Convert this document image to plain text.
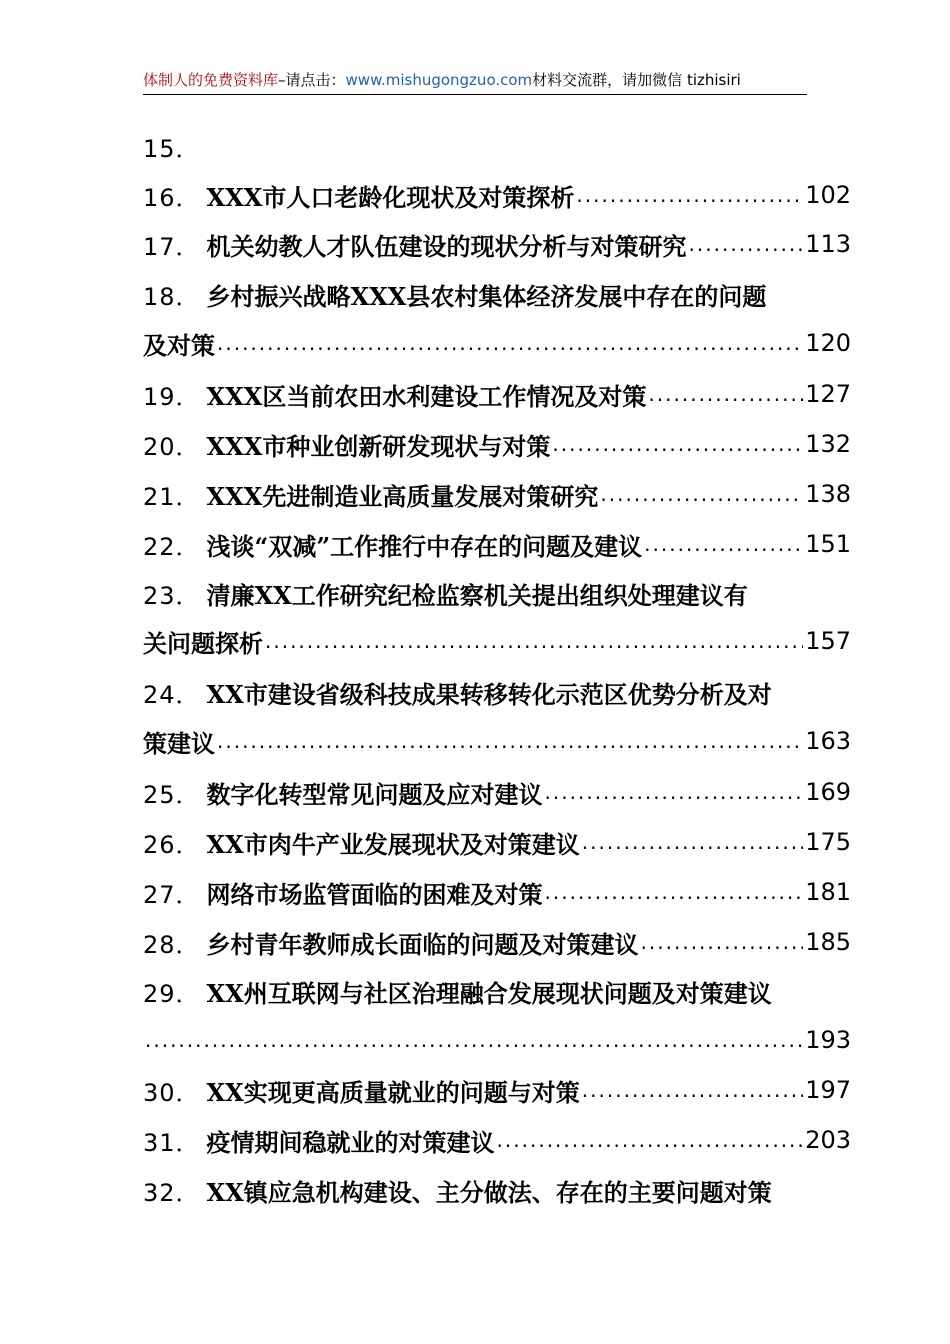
体制人的免费资料库–请点击：www.mishugongzuo.com材料交流群，请加微信 tizhisiri
15．
16． XXX市人口老龄化现状及对策探析 .....	102
17． 机关幼教人才队伍建设的现状分析与对策研究 .....	113
18． 乡村振兴战略XXX县农村集体经济发展中存在的问题
及对策 .....	120
19． XXX区当前农田水利建设工作情况及对策 .....	127
20． XXX市种业创新研发现状与对策 .....	132
21． XXX先进制造业高质量发展对策研究 .....	138
22． 浅谈“双减”工作推行中存在的问题及建议 .....	151
23． 清廉XX工作研究纪检监察机关提出组织处理建议有
关问题探析 .....	157
24． XX市建设省级科技成果转移转化示范区优势分析及对
策建议 .....	163
25． 数字化转型常见问题及应对建议 .....	169
26． XX市肉牛产业发展现状及对策建议 .....	175
27． 网络市场监管面临的困难及对策 .....	181
28． 乡村青年教师成长面临的问题及对策建议 .....	185
29． XX州互联网与社区治理融合发展现状问题及对策建议
.....
193
30． XX实现更高质量就业的问题与对策 .....	197
31． 疫情期间稳就业的对策建议 .....	203
32． XX镇应急机构建设、主分做法、存在的主要问题对策
